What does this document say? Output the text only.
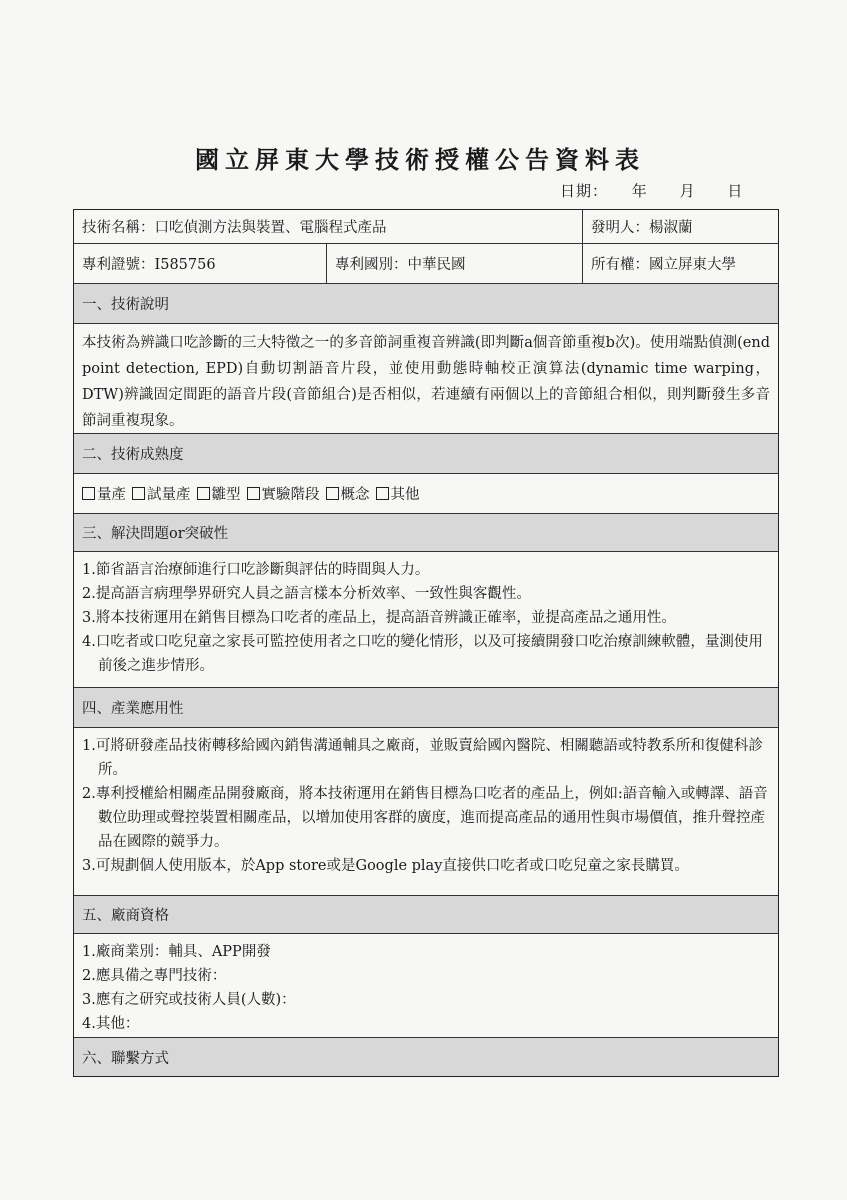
國立屏東大學技術授權公告資料表
日期： 年 月 日
技術名稱：口吃偵測方法與裝置、電腦程式產品	發明人：楊淑蘭
專利證號：I585756	專利國別：中華民國	所有權：國立屏東大學
一、技術說明
本技術為辨識口吃診斷的三大特徵之一的多音節詞重複音辨識(即判斷a個音節重複b次)。使用端點偵測(end point detection, EPD)自動切割語音片段，並使用動態時軸校正演算法(dynamic time warping，DTW)辨識固定間距的語音片段(音節組合)是否相似，若連續有兩個以上的音節組合相似，則判斷發生多音節詞重複現象。
二、技術成熟度
量產 試量產 雛型 實驗階段 概念 其他
三、解決問題or突破性
1.節省語言治療師進行口吃診斷與評估的時間與人力。
2.提高語言病理學界研究人員之語言樣本分析效率、一致性與客觀性。
3.將本技術運用在銷售目標為口吃者的產品上，提高語音辨識正確率，並提高產品之通用性。
4.口吃者或口吃兒童之家長可監控使用者之口吃的變化情形，以及可接續開發口吃治療訓練軟體，量測使用前後之進步情形。
四、產業應用性
1.可將研發產品技術轉移給國內銷售溝通輔具之廠商，並販賣給國內醫院、相關聽語或特教系所和復健科診所。
2.專利授權給相關產品開發廠商，將本技術運用在銷售目標為口吃者的產品上，例如:語音輸入或轉譯、語音數位助理或聲控裝置相關產品，以增加使用客群的廣度，進而提高產品的通用性與市場價值，推升聲控產品在國際的競爭力。
3.可規劃個人使用版本，於App store或是Google play直接供口吃者或口吃兒童之家長購買。
五、廠商資格
1.廠商業別：輔具、APP開發
2.應具備之專門技術：
3.應有之研究或技術人員(人數)：
4.其他：
六、聯繫方式
